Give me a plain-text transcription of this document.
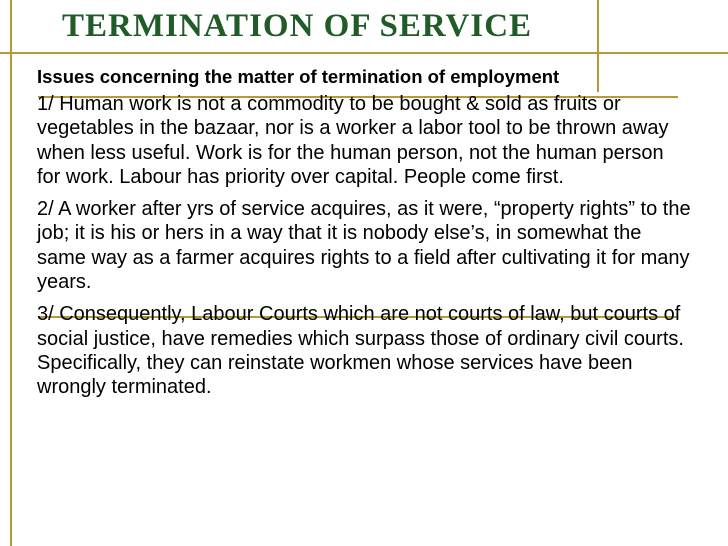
TERMINATION OF SERVICE

Issues concerning the matter of termination of employment

1/ Human work is not a commodity to be bought & sold as fruits or vegetables in the bazaar, nor is a worker a labor tool to be thrown away when less useful. Work is for the human person, not the human person for work. Labour has priority over capital. People come first.

2/ A worker after yrs of service acquires, as it were, “property rights” to the job; it is his or hers in a way that it is nobody else’s, in somewhat the same way as a farmer acquires rights to a field after cultivating it for many years.

3/ Consequently, Labour Courts which are not courts of law, but courts of social justice, have remedies which surpass those of ordinary civil courts. Specifically, they can reinstate workmen whose services have been wrongly terminated.
